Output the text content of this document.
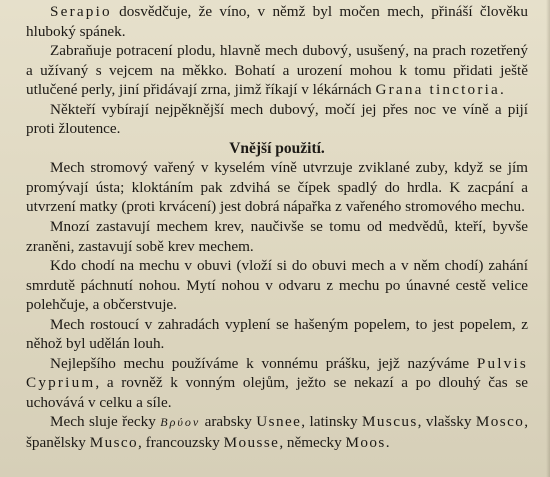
Serapio dosvědčuje, že víno, v němž byl močen mech, přináší člověku hluboký spánek.

Zabraňuje potracení plodu, hlavně mech dubový, usušený, na prach rozetřený a užívaný s vejcem na měkko. Bohatí a urození mohou k tomu přidati ještě utlučené perly, jiní přidávají zrna, jimž říkají v lékárnách Grana tinctoria.

Někteří vybírají nejpěknější mech dubový, močí jej přes noc ve víně a pijí proti žloutence.

Vnější použití.

Mech stromový vařený v kyselém víně utvrzuje zviklané zuby, když se jím promývají ústa; kloktáním pak zdvihá se čípek spadlý do hrdla. K zacpání a utvrzení matky (proti krvácení) jest dobrá nápařka z vařeného stromového mechu.

Mnozí zastavují mechem krev, naučivše se tomu od medvědů, kteří, byvše zraněni, zastavují sobě krev mechem.

Kdo chodí na mechu v obuvi (vloží si do obuvi mech a v něm chodí) zahání smrdutě páchnutí nohou. Mytí nohou v odvaru z mechu po únavné cestě velice polehčuje, a občerstvuje.

Mech rostoucí v zahradách vyplení se hašeným popelem, to jest popelem, z něhož byl udělán louh.

Nejlepšího mechu používáme k vonnému prášku, jejž nazýváme Pulvis Cyprium, a rovněž k vonným olejům, ježto se nekazí a po dlouhý čas se uchovává v celku a síle.

Mech sluje řecky Βρύον arabsky Usnee, latinsky Muscus, vlašsky Mosco, španělsky Musco, francouzsky Mousse, německy Moos.
